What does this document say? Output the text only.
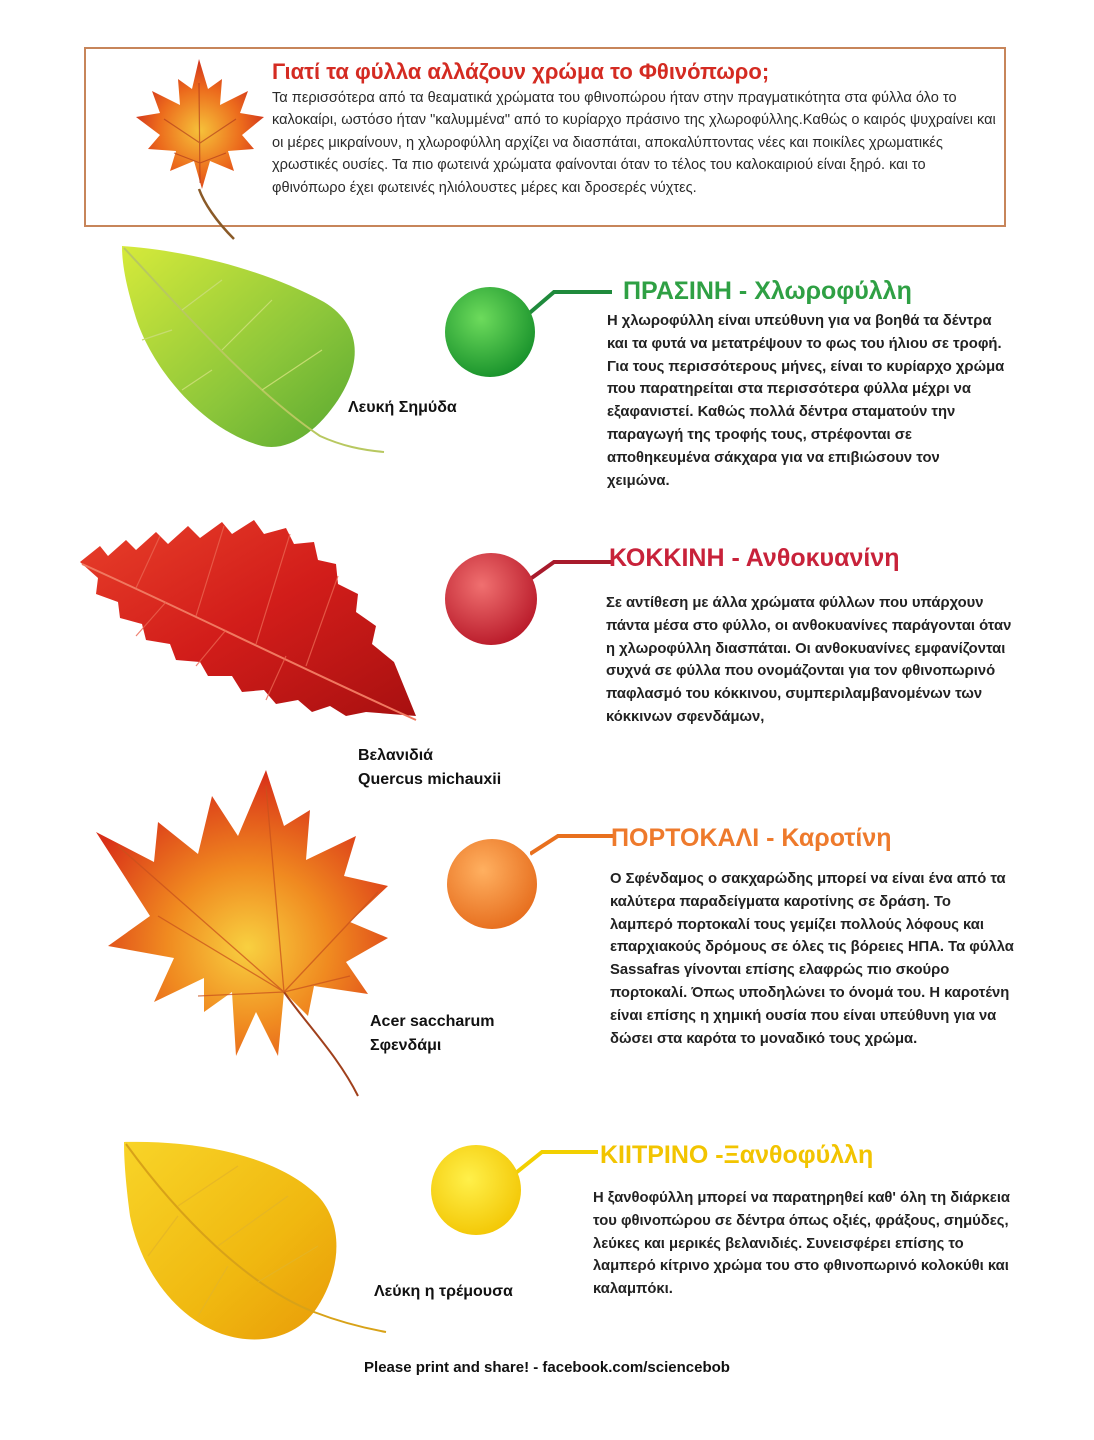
Γιατί τα φύλλα αλλάζουν χρώμα το Φθινόπωρο;
Τα περισσότερα από τα θεαματικά χρώματα του φθινοπώρου ήταν στην πραγματικότητα στα φύλλα όλο το καλοκαίρι, ωστόσο ήταν "καλυμμένα" από το κυρίαρχο πράσινο της χλωροφύλλης.Καθώς ο καιρός ψυχραίνει και οι μέρες μικραίνουν, η χλωροφύλλη αρχίζει να διασπάται, αποκαλύπτοντας νέες και ποικίλες χρωματικές χρωστικές ουσίες. Τα πιο φωτεινά χρώματα φαίνονται όταν το τέλος του καλοκαιριού είναι ξηρό. και το φθινόπωρο έχει φωτεινές ηλιόλουστες μέρες και δροσερές νύχτες.
Λευκή Σημύδα
ΠΡΑΣΙΝΗ - Χλωροφύλλη
Η χλωροφύλλη είναι υπεύθυνη για να βοηθά τα δέντρα και τα φυτά να μετατρέψουν το φως του ήλιου σε τροφή. Για τους περισσότερους μήνες, είναι το κυρίαρχο χρώμα που παρατηρείται στα περισσότερα φύλλα μέχρι να εξαφανιστεί. Καθώς πολλά δέντρα σταματούν την παραγωγή της τροφής τους, στρέφονται σε αποθηκευμένα σάκχαρα για να επιβιώσουν τον χειμώνα.
Βελανιδιά
Quercus michauxii
ΚΟΚΚΙΝΗ - Ανθοκυανίνη
Σε αντίθεση με άλλα χρώματα φύλλων που υπάρχουν πάντα μέσα στο φύλλο, οι ανθοκυανίνες παράγονται όταν η χλωροφύλλη διασπάται. Οι ανθοκυανίνες εμφανίζονται συχνά σε φύλλα που ονομάζονται για τον φθινοπωρινό παφλασμό του κόκκινου, συμπεριλαμβανομένων των κόκκινων σφενδάμων,
Acer saccharum
Σφενδάμι
ΠΟΡΤΟΚΑΛΙ - Καροτίνη
Ο Σφένδαμος ο σακχαρώδης μπορεί να είναι ένα από τα καλύτερα παραδείγματα καροτίνης σε δράση. Το λαμπερό πορτοκαλί τους γεμίζει πολλούς λόφους και επαρχιακούς δρόμους σε όλες τις βόρειες ΗΠΑ. Τα φύλλα Sassafras γίνονται επίσης ελαφρώς πιο σκούρο πορτοκαλί. Όπως υποδηλώνει το όνομά του. Η καροτένη είναι επίσης η χημική ουσία που είναι υπεύθυνη για να δώσει στα καρότα το μοναδικό τους χρώμα.
Λεύκη η τρέμουσα
ΚΙΙΤΡΙΝΟ -Ξανθοφύλλη
Η ξανθοφύλλη μπορεί να παρατηρηθεί καθ' όλη τη διάρκεια του φθινοπώρου σε δέντρα όπως οξιές, φράξους, σημύδες, λεύκες και μερικές βελανιδιές. Συνεισφέρει επίσης το λαμπερό κίτρινο χρώμα του στο φθινοπωρινό κολοκύθι και καλαμπόκι.
Please print and share! - facebook.com/sciencebob
